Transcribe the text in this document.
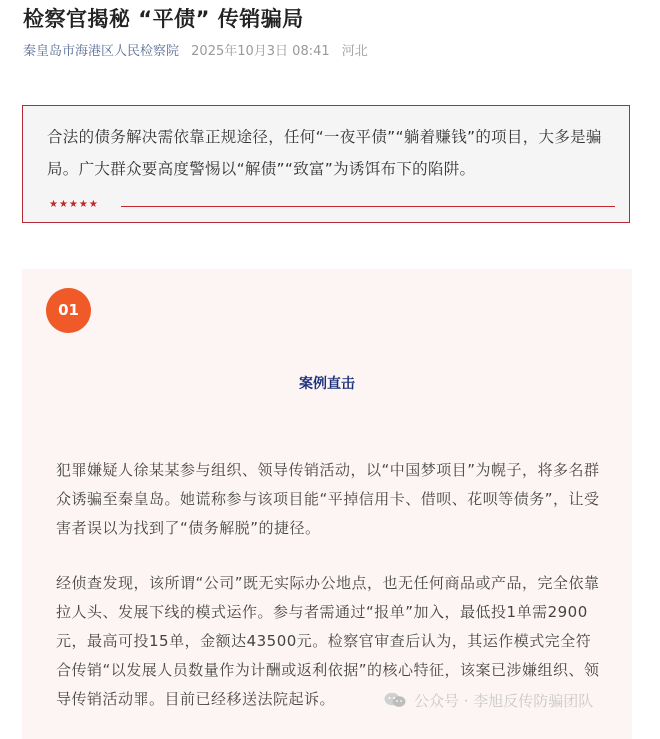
检察官揭秘 “平债” 传销骗局
秦皇岛市海港区人民检察院 2025年10月3日 08:41 河北
合法的债务解决需依靠正规途径，任何“一夜平债”“躺着赚钱”的项目，大多是骗局。广大群众要高度警惕以“解债”“致富”为诱饵布下的陷阱。
★★★★★
01
案例直击
犯罪嫌疑人徐某某参与组织、领导传销活动，以“中国梦项目”为幌子，将多名群众诱骗至秦皇岛。她谎称参与该项目能“平掉信用卡、借呗、花呗等债务”，让受害者误以为找到了“债务解脱”的捷径。
经侦查发现，该所谓“公司”既无实际办公地点，也无任何商品或产品，完全依靠拉人头、发展下线的模式运作。参与者需通过“报单”加入，最低投1单需2900元，最高可投15单，金额达43500元。检察官审查后认为，其运作模式完全符合传销“以发展人员数量作为计酬或返利依据”的核心特征，该案已涉嫌组织、领导传销活动罪。目前已经移送法院起诉。	公众号 · 李旭反传防骗团队
